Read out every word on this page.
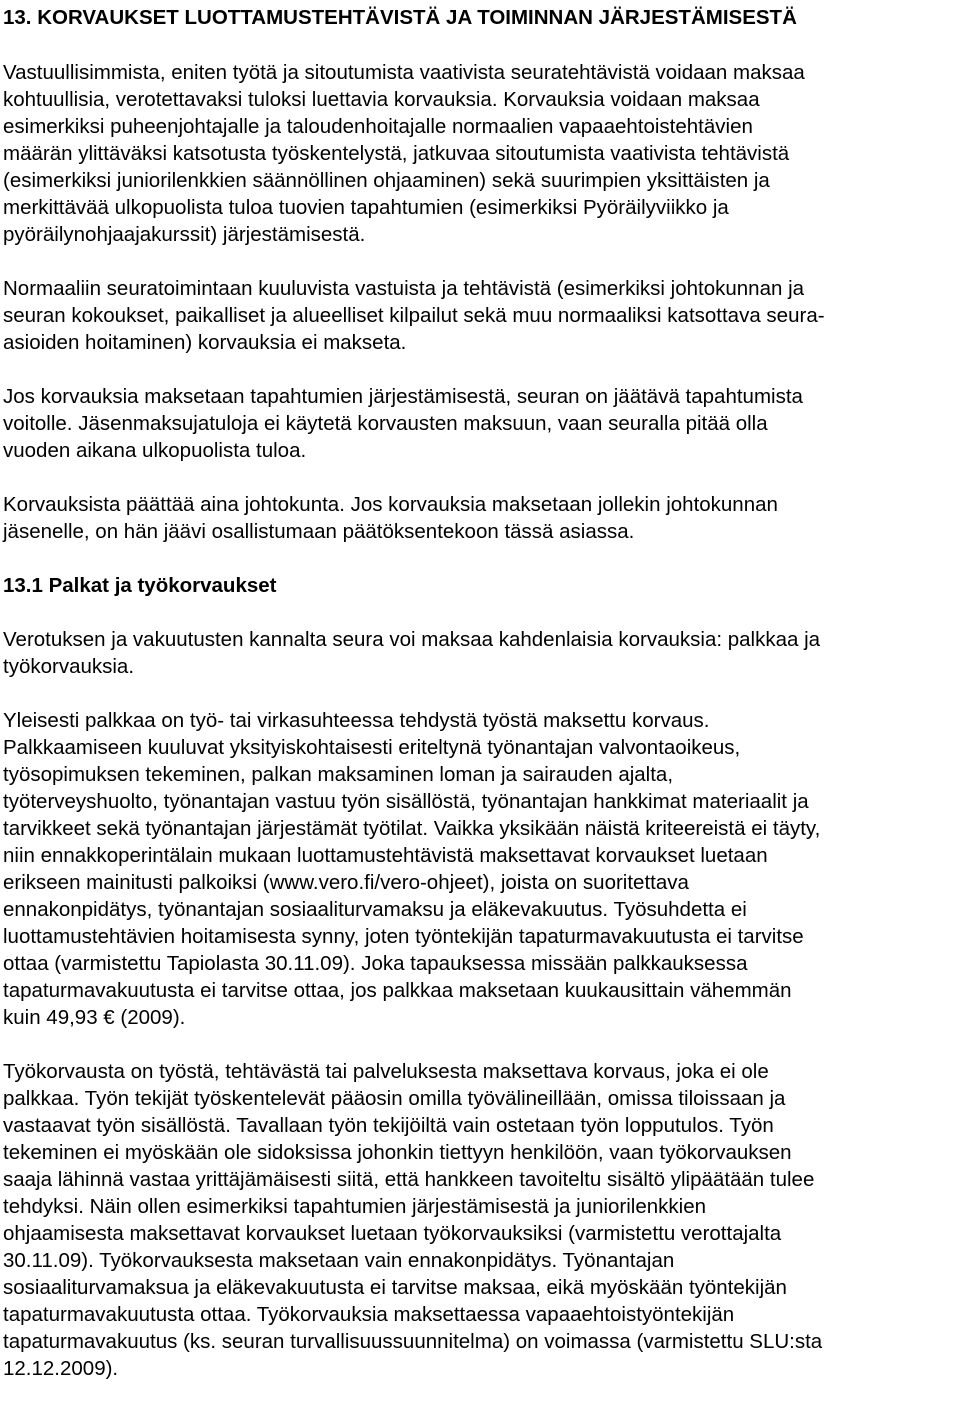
13. KORVAUKSET LUOTTAMUSTEHTÄVISTÄ JA TOIMINNAN JÄRJESTÄMISESTÄ
Vastuullisimmista, eniten työtä ja sitoutumista vaativista seuratehtävistä voidaan maksaa
kohtuullisia, verotettavaksi tuloksi luettavia korvauksia. Korvauksia voidaan maksaa
esimerkiksi puheenjohtajalle ja taloudenhoitajalle normaalien vapaaehtoistehtävien
määrän ylittäväksi katsotusta työskentelystä, jatkuvaa sitoutumista vaativista tehtävistä
(esimerkiksi juniorilenkkien säännöllinen ohjaaminen) sekä suurimpien yksittäisten ja
merkittävää ulkopuolista tuloa tuovien tapahtumien (esimerkiksi Pyöräilyviikko ja
pyöräilynohjaajakurssit) järjestämisestä.
Normaaliin seuratoimintaan kuuluvista vastuista ja tehtävistä (esimerkiksi johtokunnan ja
seuran kokoukset, paikalliset ja alueelliset kilpailut sekä muu normaaliksi katsottava seura-
asioiden hoitaminen) korvauksia ei makseta.
Jos korvauksia maksetaan tapahtumien järjestämisestä, seuran on jäätävä tapahtumista
voitolle. Jäsenmaksujatuloja ei käytetä korvausten maksuun, vaan seuralla pitää olla
vuoden aikana ulkopuolista tuloa.
Korvauksista päättää aina johtokunta. Jos korvauksia maksetaan jollekin johtokunnan
jäsenelle, on hän jäävi osallistumaan päätöksentekoon tässä asiassa.
13.1 Palkat ja työkorvaukset
Verotuksen ja vakuutusten kannalta seura voi maksaa kahdenlaisia korvauksia: palkkaa ja
työkorvauksia.
Yleisesti palkkaa on työ- tai virkasuhteessa tehdystä työstä maksettu korvaus.
Palkkaamiseen kuuluvat yksityiskohtaisesti eriteltynä työnantajan valvontaoikeus,
työsopimuksen tekeminen, palkan maksaminen loman ja sairauden ajalta,
työterveyshuolto, työnantajan vastuu työn sisällöstä, työnantajan hankkimat materiaalit ja
tarvikkeet sekä työnantajan järjestämät työtilat. Vaikka yksikään näistä kriteereistä ei täyty,
niin ennakkoperintälain mukaan luottamustehtävistä maksettavat korvaukset luetaan
erikseen mainitusti palkoiksi (www.vero.fi/vero-ohjeet), joista on suoritettava
ennakonpidätys, työnantajan sosiaaliturvamaksu ja eläkevakuutus. Työsuhdetta ei
luottamustehtävien hoitamisesta synny, joten työntekijän tapaturmavakuutusta ei tarvitse
ottaa (varmistettu Tapiolasta 30.11.09). Joka tapauksessa missään palkkauksessa
tapaturmavakuutusta ei tarvitse ottaa, jos palkkaa maksetaan kuukausittain vähemmän
kuin 49,93 € (2009).
Työkorvausta on työstä, tehtävästä tai palveluksesta maksettava korvaus, joka ei ole
palkkaa. Työn tekijät työskentelevät pääosin omilla työvälineillään, omissa tiloissaan ja
vastaavat työn sisällöstä. Tavallaan työn tekijöiltä vain ostetaan työn lopputulos. Työn
tekeminen ei myöskään ole sidoksissa johonkin tiettyyn henkilöön, vaan työkorvauksen
saaja lähinnä vastaa yrittäjämäisesti siitä, että hankkeen tavoiteltu sisältö ylipäätään tulee
tehdyksi. Näin ollen esimerkiksi tapahtumien järjestämisestä ja juniorilenkkien
ohjaamisesta maksettavat korvaukset luetaan työkorvauksiksi (varmistettu verottajalta
30.11.09). Työkorvauksesta maksetaan vain ennakonpidätys. Työnantajan
sosiaaliturvamaksua ja eläkevakuutusta ei tarvitse maksaa, eikä myöskään työntekijän
tapaturmavakuutusta ottaa. Työkorvauksia maksettaessa vapaaehtoistyöntekijän
tapaturmavakuutus (ks. seuran turvallisuussuunnitelma) on voimassa (varmistettu SLU:sta
12.12.2009).
